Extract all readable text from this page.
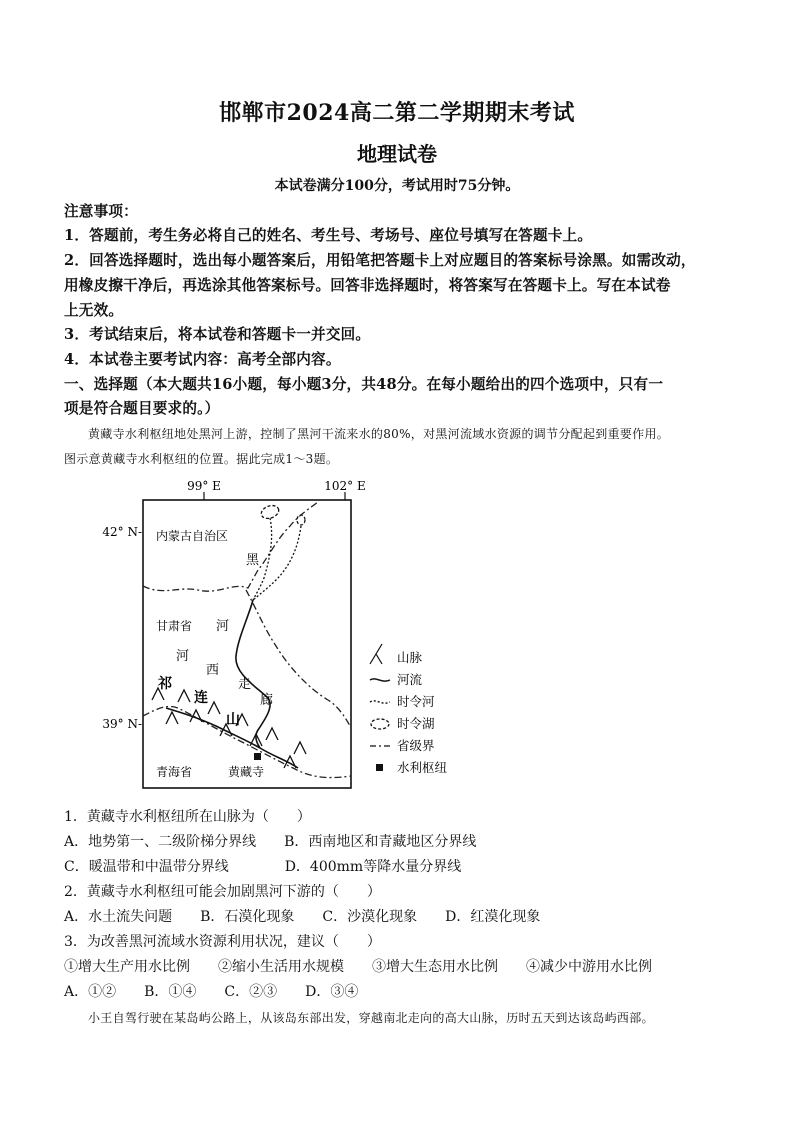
邯郸市2024高二第二学期期末考试
地理试卷
本试卷满分100分，考试用时75分钟。
注意事项：
1．答题前，考生务必将自己的姓名、考生号、考场号、座位号填写在答题卡上。
2．回答选择题时，选出每小题答案后，用铅笔把答题卡上对应题目的答案标号涂黑。如需改动，
用橡皮擦干净后，再选涂其他答案标号。回答非选择题时，将答案写在答题卡上。写在本试卷
上无效。
3．考试结束后，将本试卷和答题卡一并交回。
4．本试卷主要考试内容：高考全部内容。
一、选择题（本大题共16小题，每小题3分，共48分。在每小题给出的四个选项中，只有一
项是符合题目要求的。）
黄藏寺水利枢纽地处黑河上游，控制了黑河干流来水的80%，对黑河流域水资源的调节分配起到重要作用。
图示意黄藏寺水利枢纽的位置。据此完成1～3题。
99° E	102° E
42° N-
39° N-
内蒙古自治区
甘肃省
青海省
黑
河
河
西
走
廊
祁
连
山
黄藏寺
山脉
河流
时令河
时令湖
省级界
水利枢纽
1．黄藏寺水利枢纽所在山脉为（　　）
A．地势第一、二级阶梯分界线　　B．西南地区和青藏地区分界线
C．暖温带和中温带分界线　　　　D．400mm等降水量分界线
2．黄藏寺水利枢纽可能会加剧黑河下游的（　　）
A．水土流失问题　　B．石漠化现象　　C．沙漠化现象　　D．红漠化现象
3．为改善黑河流域水资源利用状况，建议（　　）
①增大生产用水比例　　②缩小生活用水规模　　③增大生态用水比例　　④减少中游用水比例
A．①②　　B．①④　　C．②③　　D．③④
小王自驾行驶在某岛屿公路上，从该岛东部出发，穿越南北走向的高大山脉，历时五天到达该岛屿西部。
